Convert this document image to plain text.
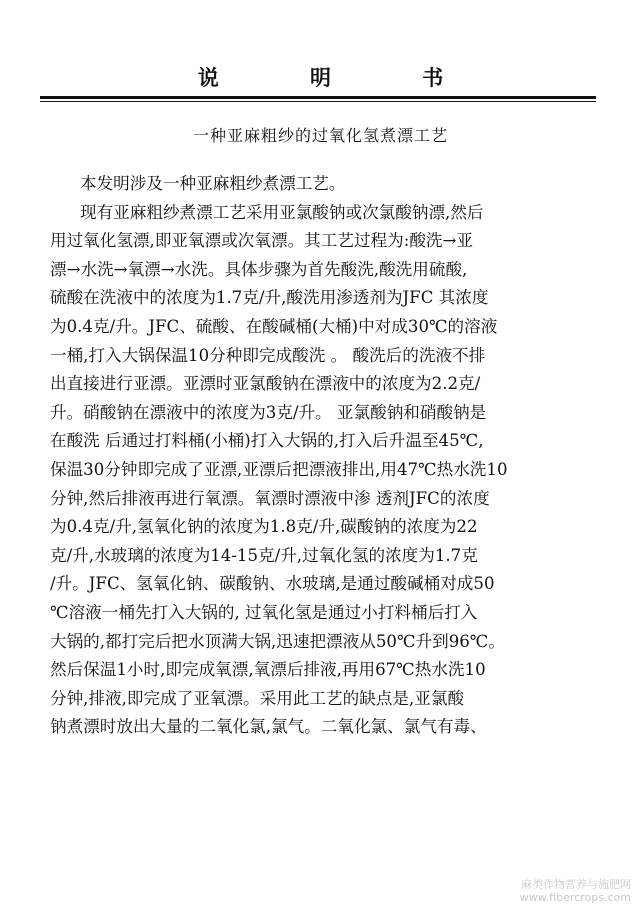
说 明 书
一种亚麻粗纱的过氧化氢煮漂工艺
本发明涉及一种亚麻粗纱煮漂工艺。
现有亚麻粗纱煮漂工艺采用亚氯酸钠或次氯酸钠漂,然后
用过氧化氢漂,即亚氧漂或次氧漂。其工艺过程为:酸洗→亚
漂→水洗→氧漂→水洗。具体步骤为首先酸洗,酸洗用硫酸,
硫酸在洗液中的浓度为1.7克/升,酸洗用渗透剂为JFC 其浓度
为0.4克/升。JFC、硫酸、在酸碱桶(大桶)中对成30℃的溶液
一桶,打入大锅保温10分种即完成酸洗 。 酸洗后的洗液不排
出直接进行亚漂。亚漂时亚氯酸钠在漂液中的浓度为2.2克/
升。硝酸钠在漂液中的浓度为3克/升。 亚氯酸钠和硝酸钠是
在酸洗 后通过打料桶(小桶)打入大锅的,打入后升温至45℃,
保温30分钟即完成了亚漂,亚漂后把漂液排出,用47℃热水洗10
分钟,然后排液再进行氧漂。氧漂时漂液中渗 透剂JFC的浓度
为0.4克/升,氢氧化钠的浓度为1.8克/升,碳酸钠的浓度为22
克/升,水玻璃的浓度为14-15克/升,过氧化氢的浓度为1.7克
/升。JFC、氢氧化钠、碳酸钠、水玻璃,是通过酸碱桶对成50
℃溶液一桶先打入大锅的, 过氧化氢是通过小打料桶后打入
大锅的,都打完后把水顶满大锅,迅速把漂液从50℃升到96℃。
然后保温1小时,即完成氧漂,氧漂后排液,再用67℃热水洗10
分钟,排液,即完成了亚氧漂。采用此工艺的缺点是,亚氯酸
钠煮漂时放出大量的二氧化氯,氯气。二氧化氯、氯气有毒、
麻类作物营养与施肥网
www.fibercrops.com
